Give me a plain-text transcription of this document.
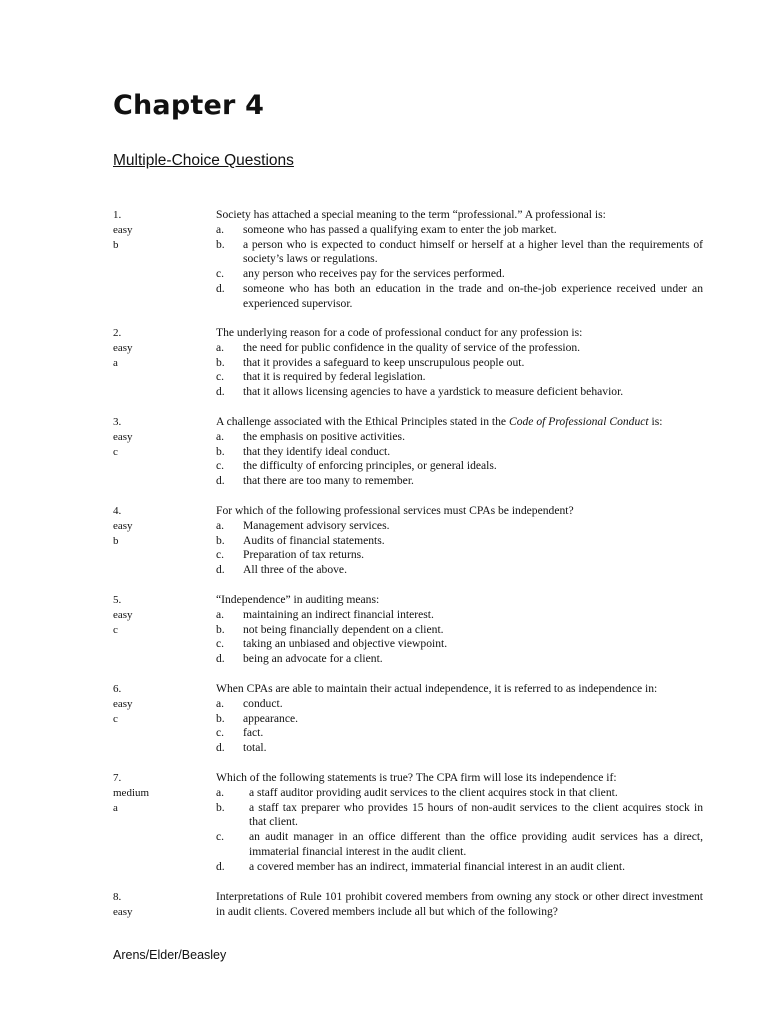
Chapter 4
Multiple-Choice Questions
1.
easy
b
Society has attached a special meaning to the term “professional.” A professional is:
a.	someone who has passed a qualifying exam to enter the job market.
b.	a person who is expected to conduct himself or herself at a higher level than the requirements of society’s laws or regulations.
c.	any person who receives pay for the services performed.
d.	someone who has both an education in the trade and on-the-job experience received under an experienced supervisor.
2.
easy
a
The underlying reason for a code of professional conduct for any profession is:
a.	the need for public confidence in the quality of service of the profession.
b.	that it provides a safeguard to keep unscrupulous people out.
c.	that it is required by federal legislation.
d.	that it allows licensing agencies to have a yardstick to measure deficient behavior.
3.
easy
c
A challenge associated with the Ethical Principles stated in the Code of Professional Conduct is:
a.	the emphasis on positive activities.
b.	that they identify ideal conduct.
c.	the difficulty of enforcing principles, or general ideals.
d.	that there are too many to remember.
4.
easy
b
For which of the following professional services must CPAs be independent?
a.	Management advisory services.
b.	Audits of financial statements.
c.	Preparation of tax returns.
d.	All three of the above.
5.
easy
c
“Independence” in auditing means:
a.	maintaining an indirect financial interest.
b.	not being financially dependent on a client.
c.	taking an unbiased and objective viewpoint.
d.	being an advocate for a client.
6.
easy
c
When CPAs are able to maintain their actual independence, it is referred to as independence in:
a.	conduct.
b.	appearance.
c.	fact.
d.	total.
7.
medium
a
Which of the following statements is true? The CPA firm will lose its independence if:
a.	a staff auditor providing audit services to the client acquires stock in that client.
b.	a staff tax preparer who provides 15 hours of non-audit services to the client acquires stock in that client.
c.	an audit manager in an office different than the office providing audit services has a direct, immaterial financial interest in the audit client.
d.	a covered member has an indirect, immaterial financial interest in an audit client.
8.
easy
Interpretations of Rule 101 prohibit covered members from owning any stock or other direct investment in audit clients. Covered members include all but which of the following?
Arens/Elder/Beasley
